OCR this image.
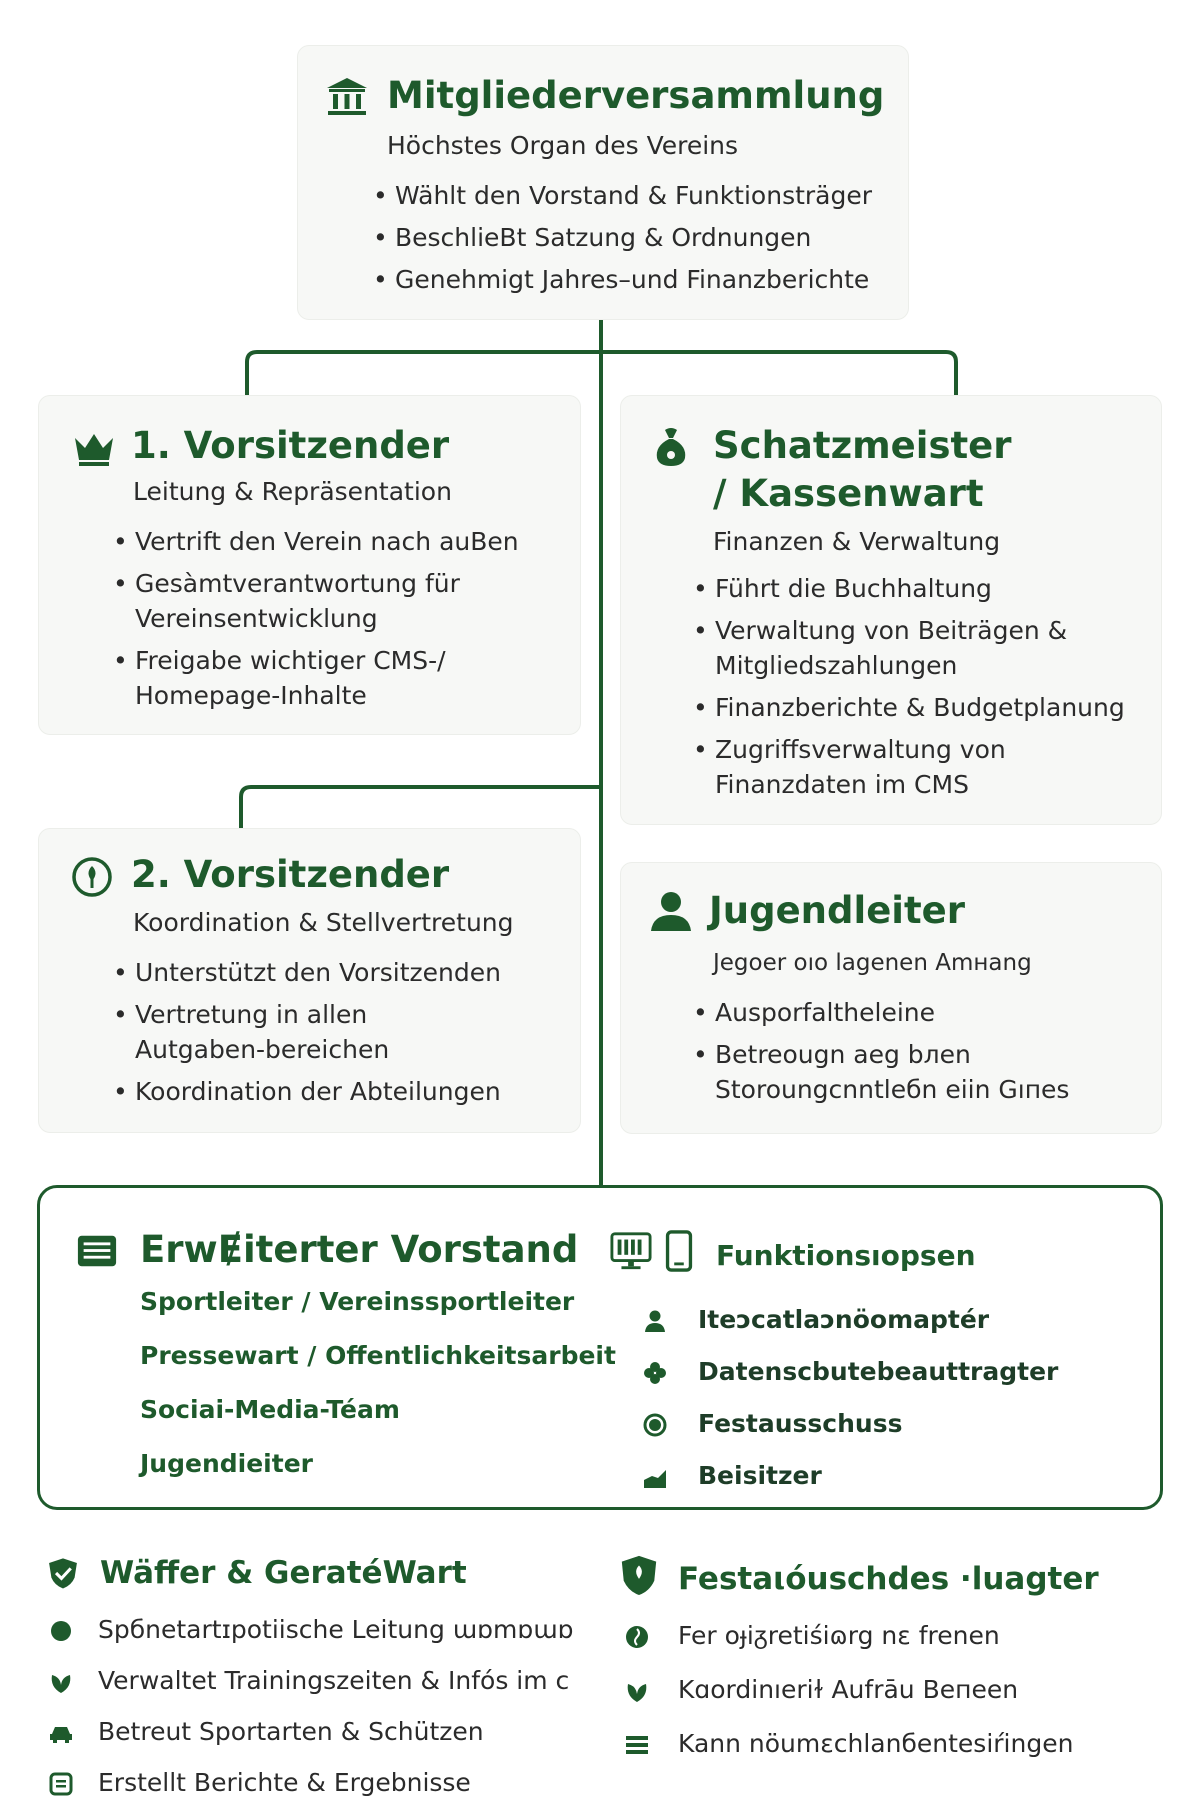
Mitgliederversammlung
Höchstes Organ des Vereins
• Wählt den Vorstand & Funktionsträger
• BeschlieBt Satzung & Ordnungen
• Genehmigt Jahres–und Finanzberichte
1. Vorsitzender
Leitung & Repräsentation
• Vertrift den Verein nach auBen
• Gesàmtverantwortung für Vereinsentwicklung
• Freigabe wichtiger CMS-/ Homepage-Inhalte
Schatzmeister
/ Kassenwart
Finanzen & Verwaltung
• Führt die Buchhaltung
• Verwaltung von Beiträgen & Mitgliedszahlungen
• Finanzberichte & Budgetplanung
• Zugriffsverwaltung von Finanzdaten im CMS
2. Vorsitzender
Koordination & Stellvertretung
• Unterstützt den Vorsitzenden
• Vertretung in allen Autgaben-bereichen
• Koordination der Abteilungen
Jugendleiter
Jegoer oıo lagenen Amнang
• Ausporfaltheleine
• Betreougn aeg bлen Storoungcnntleбn eiin Gıпеs
ErwɆiterter Vorstand
Sportleiter / Vereinssportleiter
Pressewart / Offentlichkeitsarbeit
Sociai-Media-Téam
Jugendieiter
Funktionsıopsen
Iteɔcatlaɔnöomaptér
Datenscbutebeauttragter
Festausschuss
Beisitzer
Wäffer & GeratéWart
Spбnetartɪpotiische Leitung ɯɒmɒɯɒ
Verwaltet Trainingszeiten & Infós im ᴄ
Betreut Sportarten & Schützen
Erstellt Berichte & Ergebnisse
Festaιóuschdes ·luagter
Fer oɟiᵹretiśiɷrg nε frenen
Kɑordinıeriɫ Aufrāu Beпeen
Kann nöumεchlanбentesiŕingen
